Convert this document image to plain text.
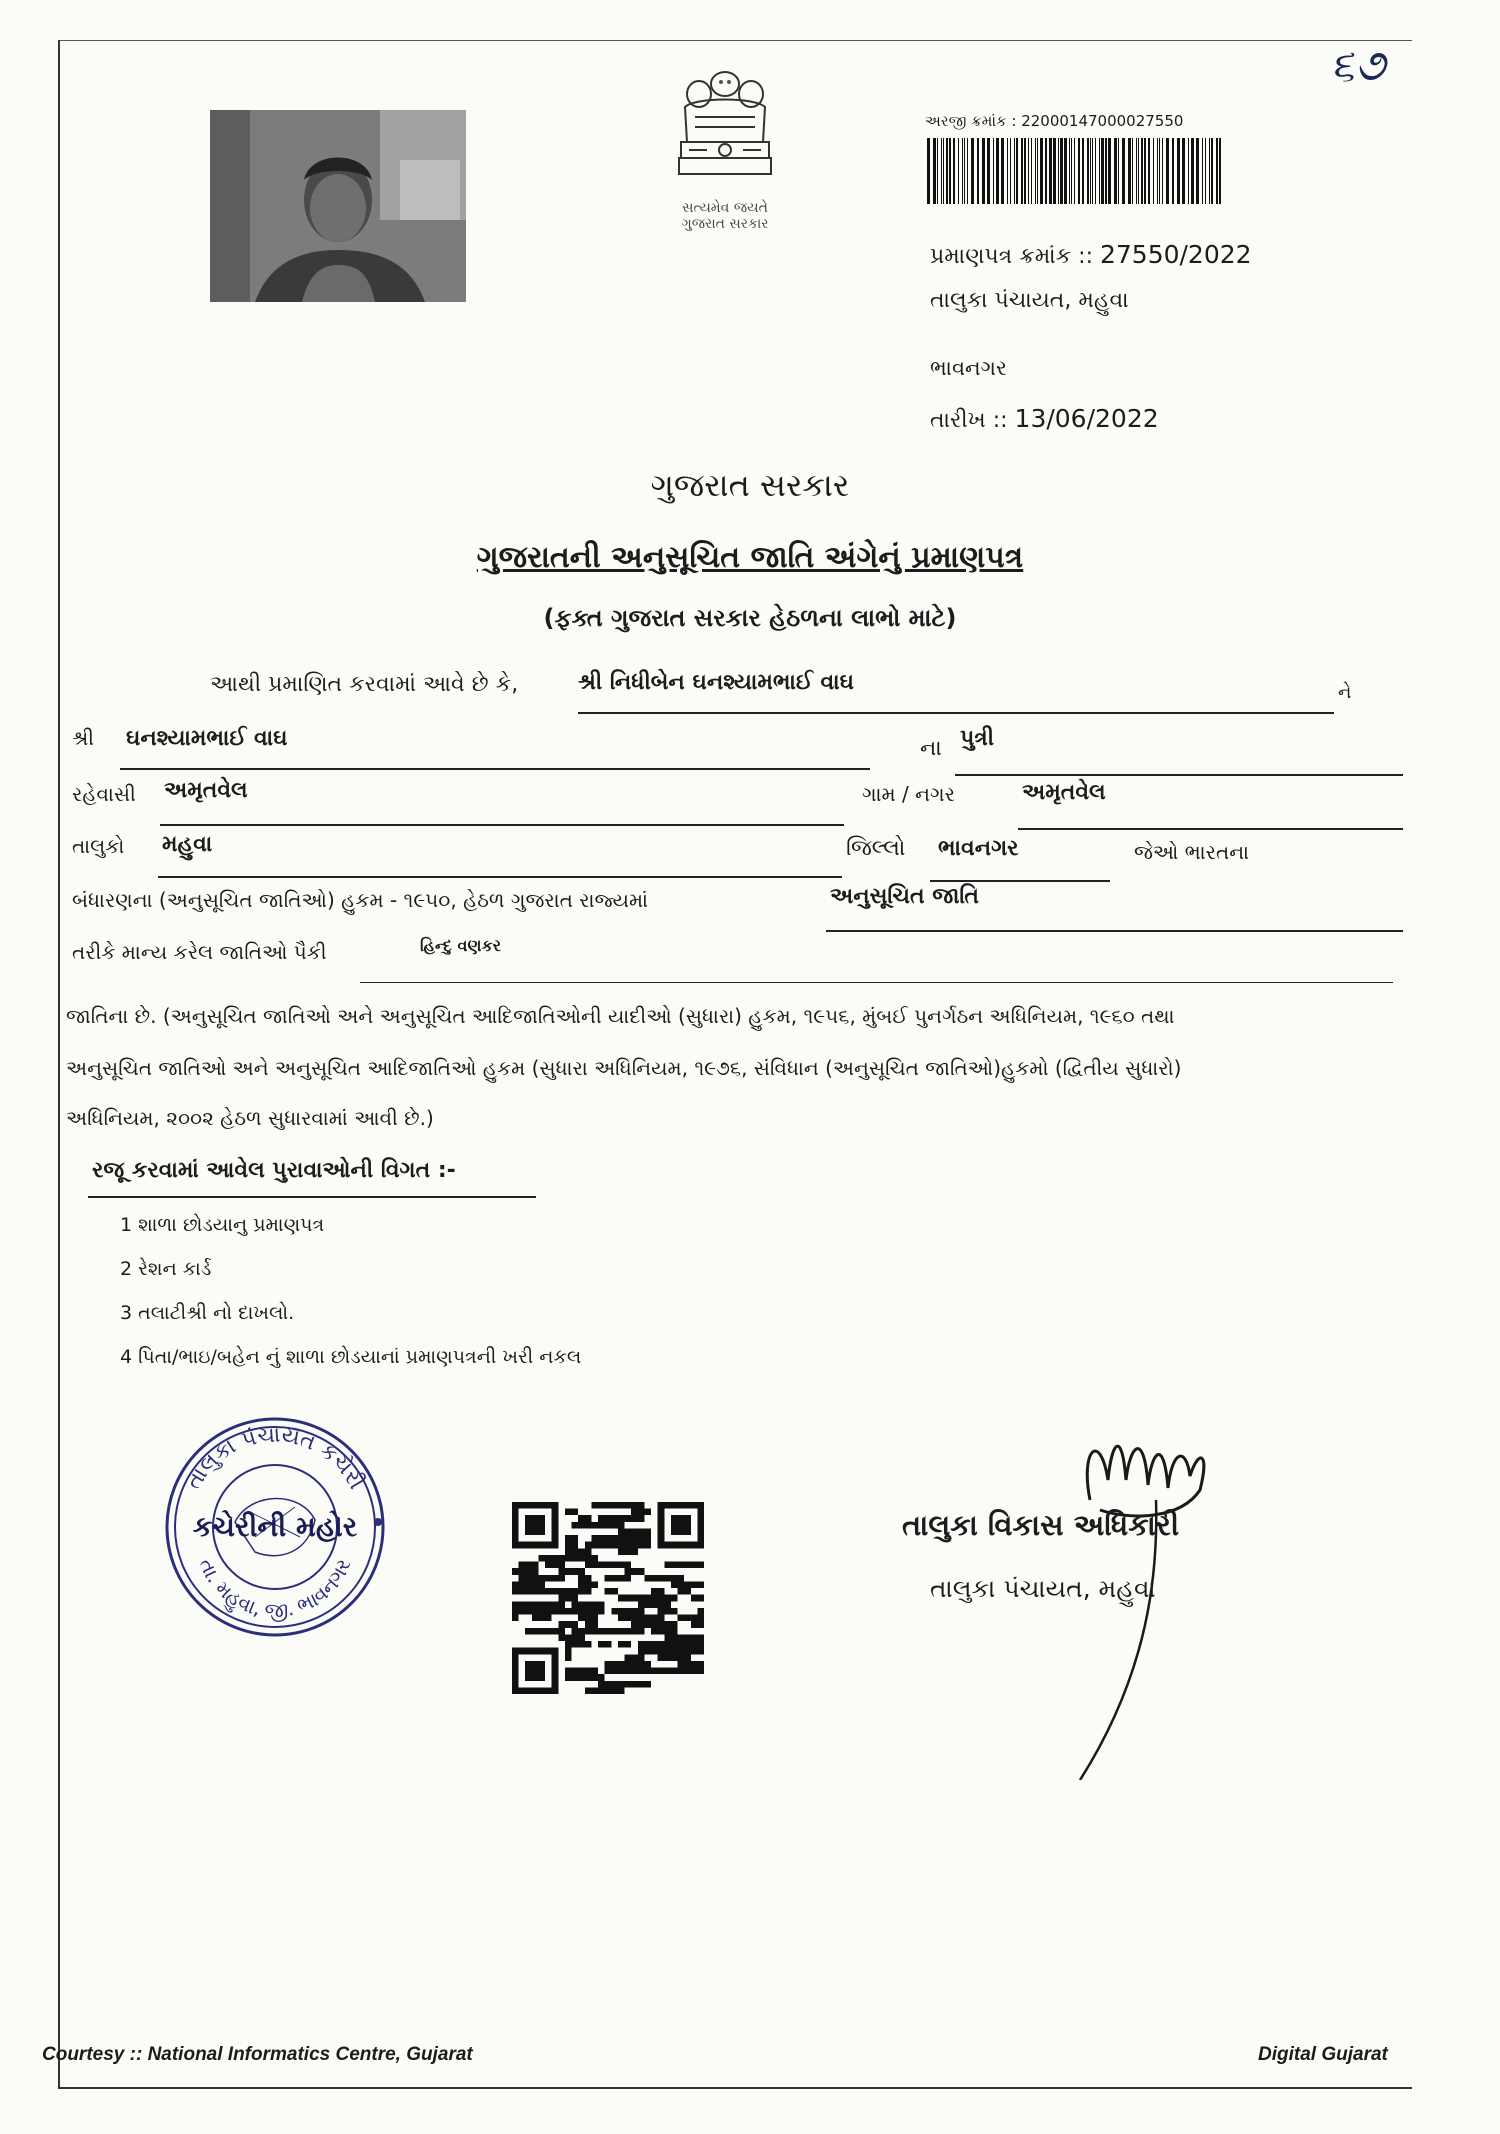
૬૭
સત્યમેવ જયતે
ગુજરાત સરકાર
અરજી ક્રમાંક : 22000147000027550
પ્રમાણપત્ર ક્રમાંક :: 27550/2022
તાલુકા પંચાયત, મહુવા
ભાવનગર
તારીખ :: 13/06/2022
ગુજરાત સરકાર
ગુજરાતની અનુસૂચિત જાતિ અંગેનું પ્રમાણપત્ર
(ફક્ત ગુજરાત સરકાર હેઠળના લાભો માટે)
આથી પ્રમાણિત કરવામાં આવે છે કે,	શ્રી નિધીબેન ઘનશ્યામભાઈ વાઘ	ને
શ્રી ઘનશ્યામભાઈ વાઘ	ના પુત્રી
રહેવાસી અમૃતવેલ	ગામ / નગર	અમૃતવેલ
તાલુકો મહુવા	જિલ્લો ભાવનગર	જેઓ ભારતના
બંધારણના (અનુસૂચિત જાતિઓ) હુકમ - ૧૯૫૦, હેઠળ ગુજરાત રાજ્યમાં	અનુસૂચિત જાતિ
તરીકે માન્ય કરેલ જાતિઓ પૈકી	હિન્દુ વણકર
જાતિના છે. (અનુસૂચિત જાતિઓ અને અનુસૂચિત આદિજાતિઓની યાદીઓ (સુધારા) હુકમ, ૧૯૫૬, મુંબઈ પુનર્ગઠન અધિનિયમ, ૧૯૬૦ તથા
અનુસૂચિત જાતિઓ અને અનુસૂચિત આદિજાતિઓ હુકમ (સુધારા અધિનિયમ, ૧૯૭૬, સંવિધાન (અનુસૂચિત જાતિઓ)હુકમો (દ્વિતીય સુધારો)
અધિનિયમ, ૨૦૦૨ હેઠળ સુધારવામાં આવી છે.)
રજૂ કરવામાં આવેલ પુરાવાઓની વિગત :-
1 શાળા છોડયાનુ પ્રમાણપત્ર
2 રેશન કાર્ડ
3 તલાટીશ્રી નો દાખલો.
4 પિતા/ભાઇ/બહેન નું શાળા છોડયાનાં પ્રમાણપત્રની ખરી નકલ
તાલુકા પંચાયત કચેરી
તા. મહુવા, જી. ભાવનગર
કચેરીની મહોર	તાલુકા વિકાસ અધિકારી
તાલુકા પંચાયત, મહુવા
Courtesy :: National Informatics Centre, Gujarat	Digital Gujarat
